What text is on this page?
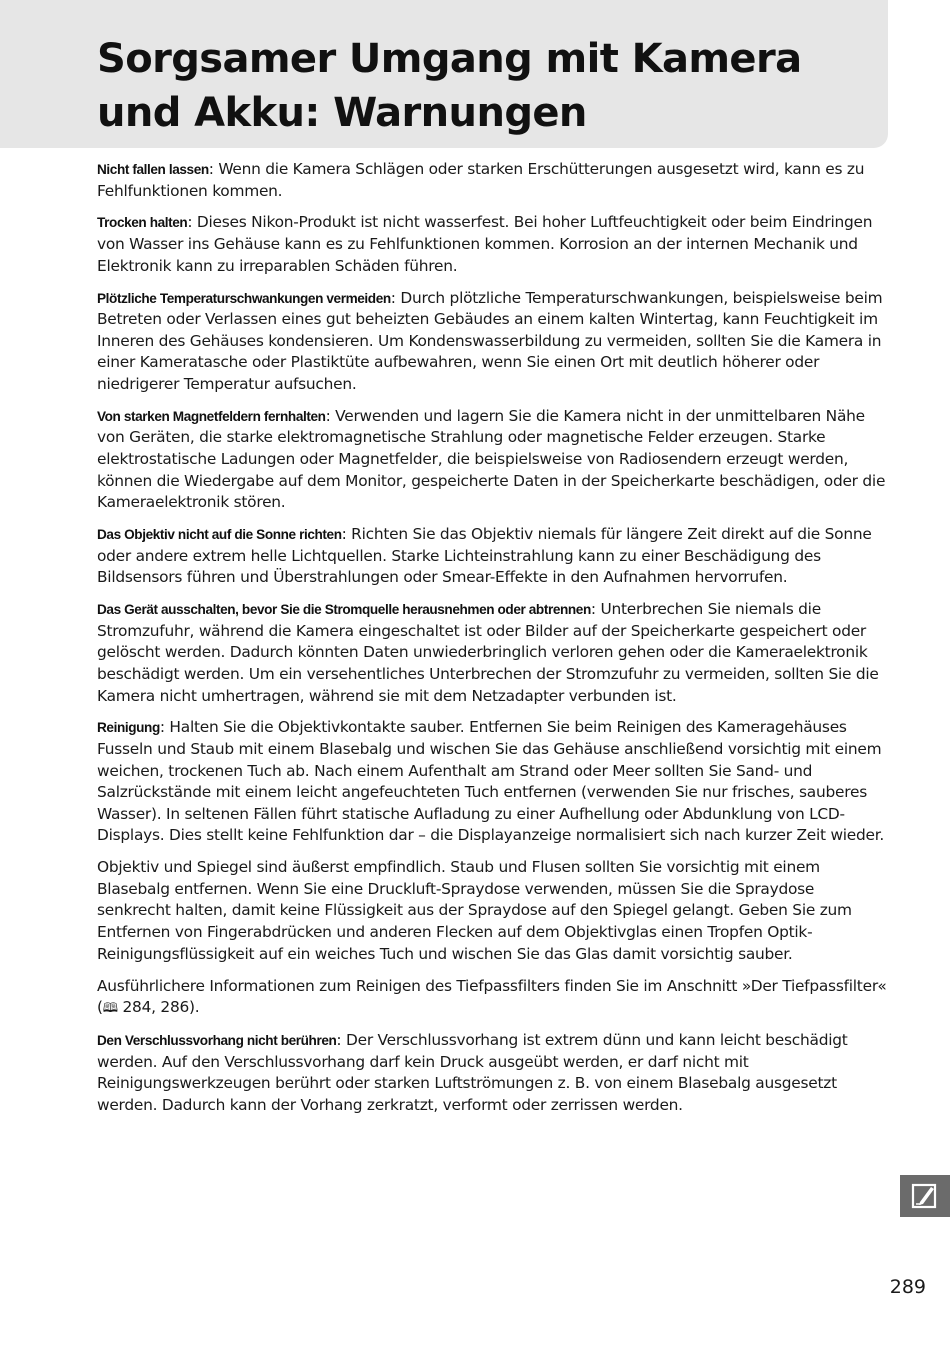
Sorgsamer Umgang mit Kamera und Akku: Warnungen

Nicht fallen lassen: Wenn die Kamera Schlägen oder starken Erschütterungen ausgesetzt wird, kann es zu Fehlfunktionen kommen.

Trocken halten: Dieses Nikon-Produkt ist nicht wasserfest. Bei hoher Luftfeuchtigkeit oder beim Eindringen von Wasser ins Gehäuse kann es zu Fehlfunktionen kommen. Korrosion an der internen Mechanik und Elektronik kann zu irreparablen Schäden führen.

Plötzliche Temperaturschwankungen vermeiden: Durch plötzliche Temperaturschwankungen, beispielsweise beim Betreten oder Verlassen eines gut beheizten Gebäudes an einem kalten Wintertag, kann Feuchtigkeit im Inneren des Gehäuses kondensieren. Um Kondenswasserbildung zu vermeiden, sollten Sie die Kamera in einer Kameratasche oder Plastiktüte aufbewahren, wenn Sie einen Ort mit deutlich höherer oder niedrigerer Temperatur aufsuchen.

Von starken Magnetfeldern fernhalten: Verwenden und lagern Sie die Kamera nicht in der unmittelbaren Nähe von Geräten, die starke elektromagnetische Strahlung oder magnetische Felder erzeugen. Starke elektrostatische Ladungen oder Magnetfelder, die beispielsweise von Radiosendern erzeugt werden, können die Wiedergabe auf dem Monitor, gespeicherte Daten in der Speicherkarte beschädigen, oder die Kameraelektronik stören.

Das Objektiv nicht auf die Sonne richten: Richten Sie das Objektiv niemals für längere Zeit direkt auf die Sonne oder andere extrem helle Lichtquellen. Starke Lichteinstrahlung kann zu einer Beschädigung des Bildsensors führen und Überstrahlungen oder Smear-Effekte in den Aufnahmen hervorrufen.

Das Gerät ausschalten, bevor Sie die Stromquelle herausnehmen oder abtrennen: Unterbrechen Sie niemals die Stromzufuhr, während die Kamera eingeschaltet ist oder Bilder auf der Speicherkarte gespeichert oder gelöscht werden. Dadurch könnten Daten unwiederbringlich verloren gehen oder die Kameraelektronik beschädigt werden. Um ein versehentliches Unterbrechen der Stromzufuhr zu vermeiden, sollten Sie die Kamera nicht umhertragen, während sie mit dem Netzadapter verbunden ist.

Reinigung: Halten Sie die Objektivkontakte sauber. Entfernen Sie beim Reinigen des Kameragehäuses Fusseln und Staub mit einem Blasebalg und wischen Sie das Gehäuse anschließend vorsichtig mit einem weichen, trockenen Tuch ab. Nach einem Aufenthalt am Strand oder Meer sollten Sie Sand- und Salzrückstände mit einem leicht angefeuchteten Tuch entfernen (verwenden Sie nur frisches, sauberes Wasser). In seltenen Fällen führt statische Aufladung zu einer Aufhellung oder Abdunklung von LCD-Displays. Dies stellt keine Fehlfunktion dar – die Displayanzeige normalisiert sich nach kurzer Zeit wieder.

Objektiv und Spiegel sind äußerst empfindlich. Staub und Flusen sollten Sie vorsichtig mit einem Blasebalg entfernen. Wenn Sie eine Druckluft-Spraydose verwenden, müssen Sie die Spraydose senkrecht halten, damit keine Flüssigkeit aus der Spraydose auf den Spiegel gelangt. Geben Sie zum Entfernen von Fingerabdrücken und anderen Flecken auf dem Objektivglas einen Tropfen Optik-Reinigungsflüssigkeit auf ein weiches Tuch und wischen Sie das Glas damit vorsichtig sauber.

Ausführlichere Informationen zum Reinigen des Tiefpassfilters finden Sie im Anschnitt »Der Tiefpassfilter« (🕮 284, 286).

Den Verschlussvorhang nicht berühren: Der Verschlussvorhang ist extrem dünn und kann leicht beschädigt werden. Auf den Verschlussvorhang darf kein Druck ausgeübt werden, er darf nicht mit Reinigungswerkzeugen berührt oder starken Luftströmungen z. B. von einem Blasebalg ausgesetzt werden. Dadurch kann der Vorhang zerkratzt, verformt oder zerrissen werden.

289
